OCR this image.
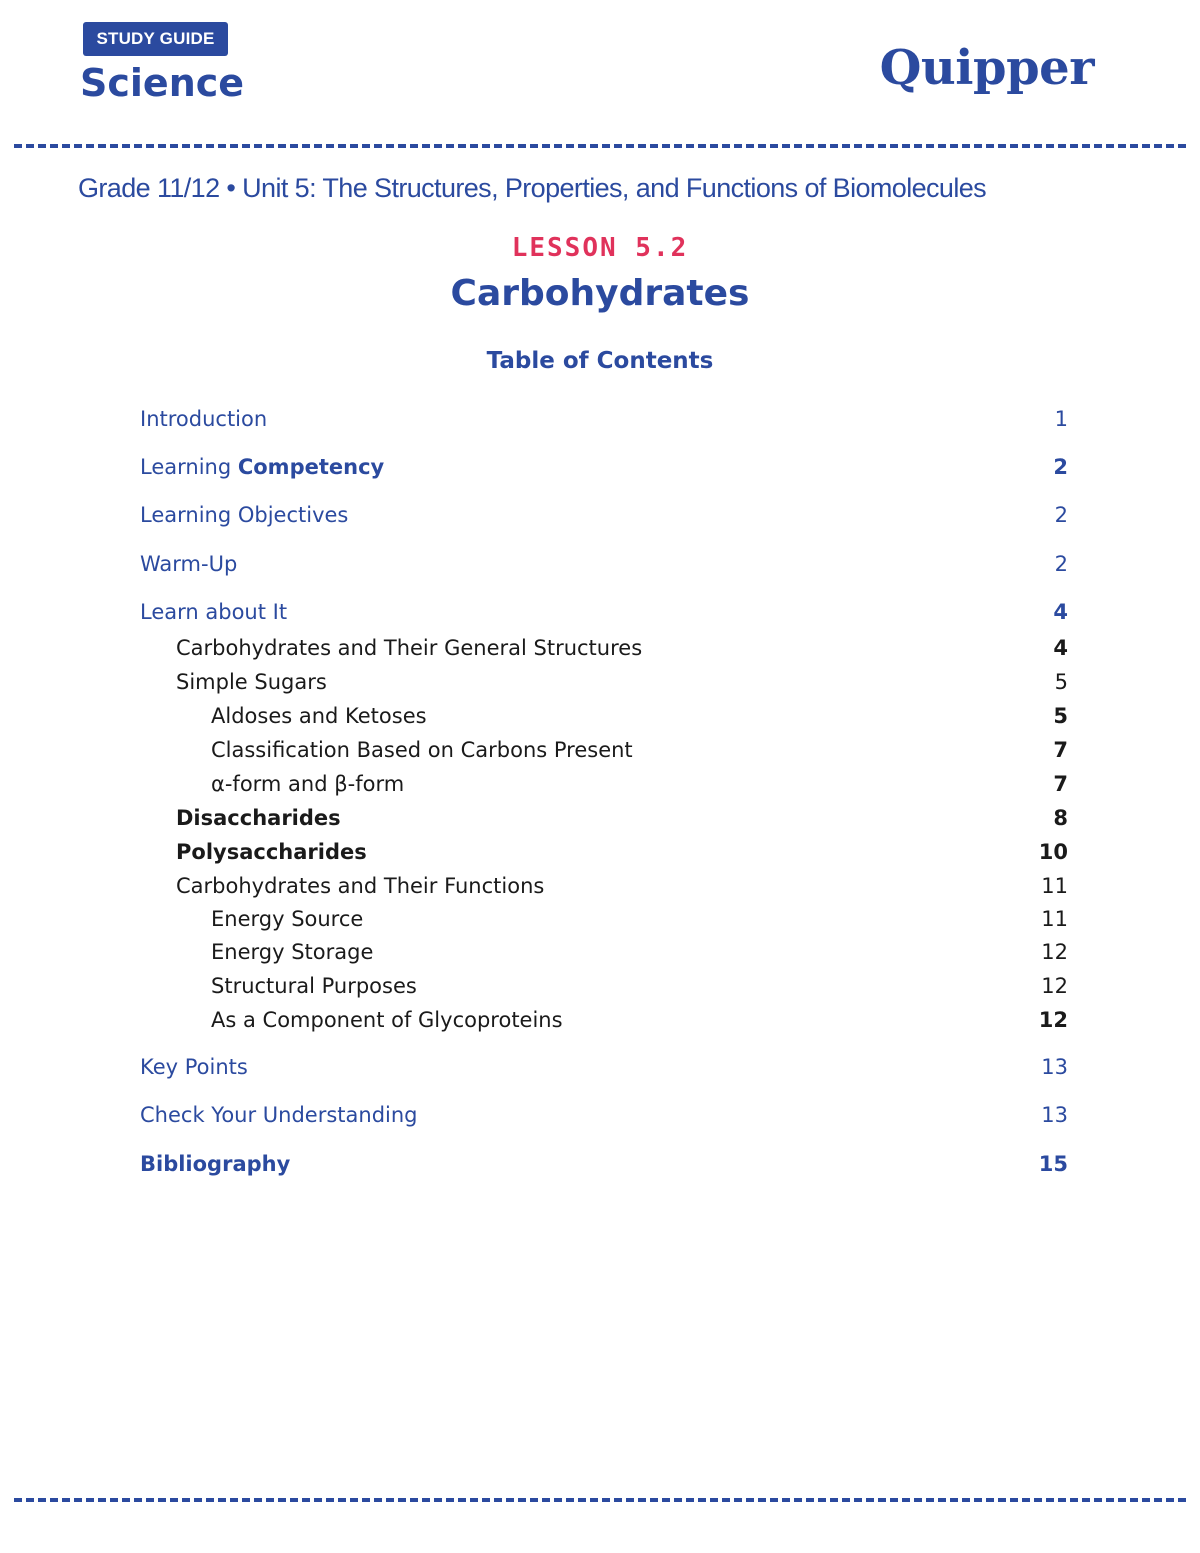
STUDY GUIDE
Science	Quipper
Grade 11/12 • Unit 5: The Structures, Properties, and Functions of Biomolecules
LESSON 5.2
Carbohydrates
Table of Contents
Introduction	1
Learning Competency	2
Learning Objectives	2
Warm-Up	2
Learn about It	4
Carbohydrates and Their General Structures	4
Simple Sugars	5
Aldoses and Ketoses	5
Classification Based on Carbons Present	7
α-form and β-form	7
Disaccharides	8
Polysaccharides	10
Carbohydrates and Their Functions	11
Energy Source	11
Energy Storage	12
Structural Purposes	12
As a Component of Glycoproteins	12
Key Points	13
Check Your Understanding	13
Bibliography	15
